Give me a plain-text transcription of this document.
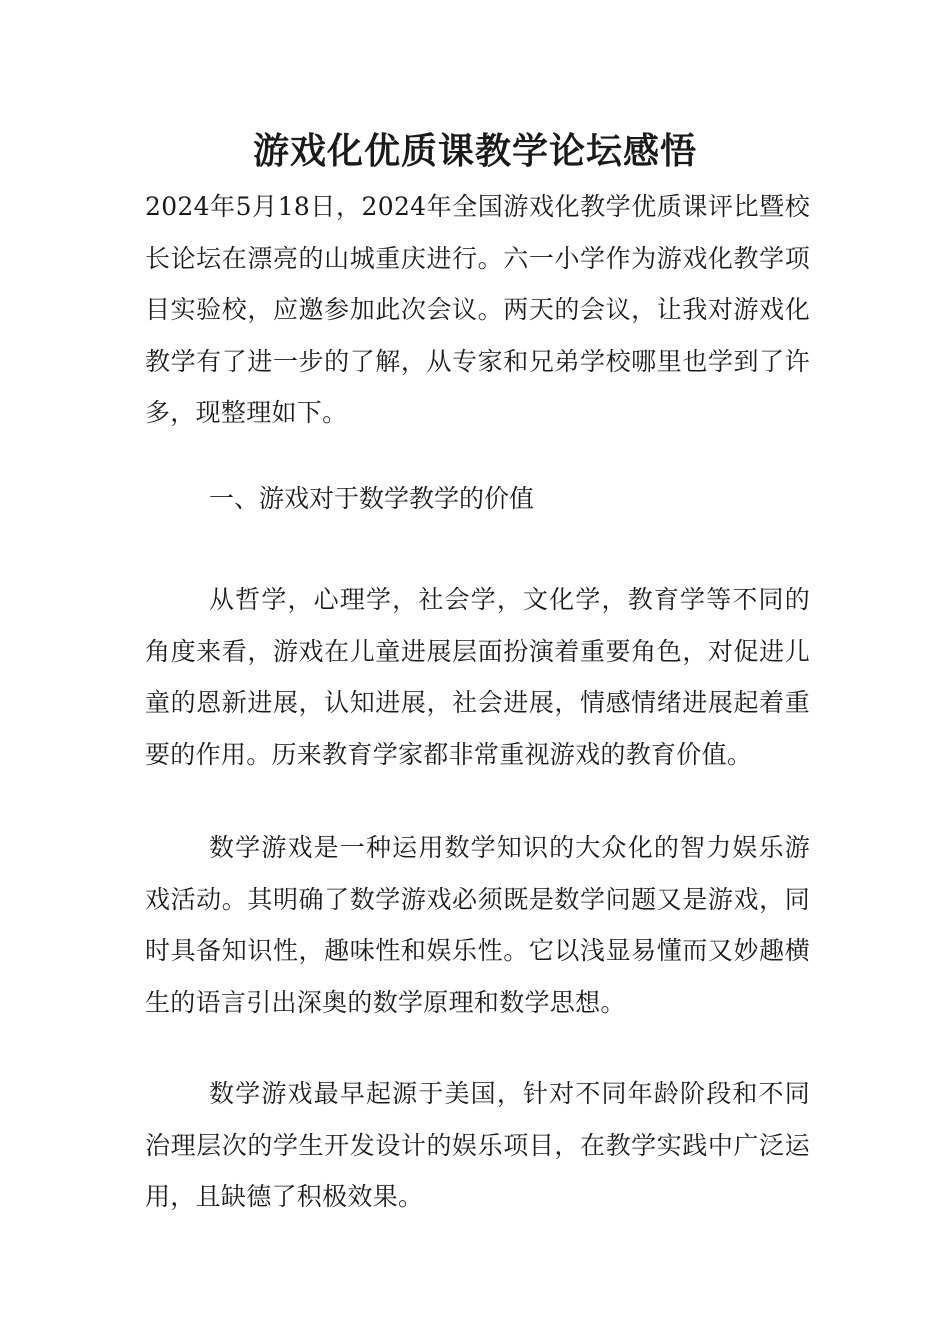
游戏化优质课教学论坛感悟
2024年5月18日，2024年全国游戏化教学优质课评比暨校长论坛在漂亮的山城重庆进行。六一小学作为游戏化教学项目实验校，应邀参加此次会议。两天的会议，让我对游戏化教学有了进一步的了解，从专家和兄弟学校哪里也学到了许多，现整理如下。
一、游戏对于数学教学的价值
从哲学，心理学，社会学，文化学，教育学等不同的角度来看，游戏在儿童进展层面扮演着重要角色，对促进儿童的恩新进展，认知进展，社会进展，情感情绪进展起着重要的作用。历来教育学家都非常重视游戏的教育价值。
数学游戏是一种运用数学知识的大众化的智力娱乐游戏活动。其明确了数学游戏必须既是数学问题又是游戏，同时具备知识性，趣味性和娱乐性。它以浅显易懂而又妙趣横生的语言引出深奥的数学原理和数学思想。
数学游戏最早起源于美国，针对不同年龄阶段和不同治理层次的学生开发设计的娱乐项目，在教学实践中广泛运用，且缺德了积极效果。
